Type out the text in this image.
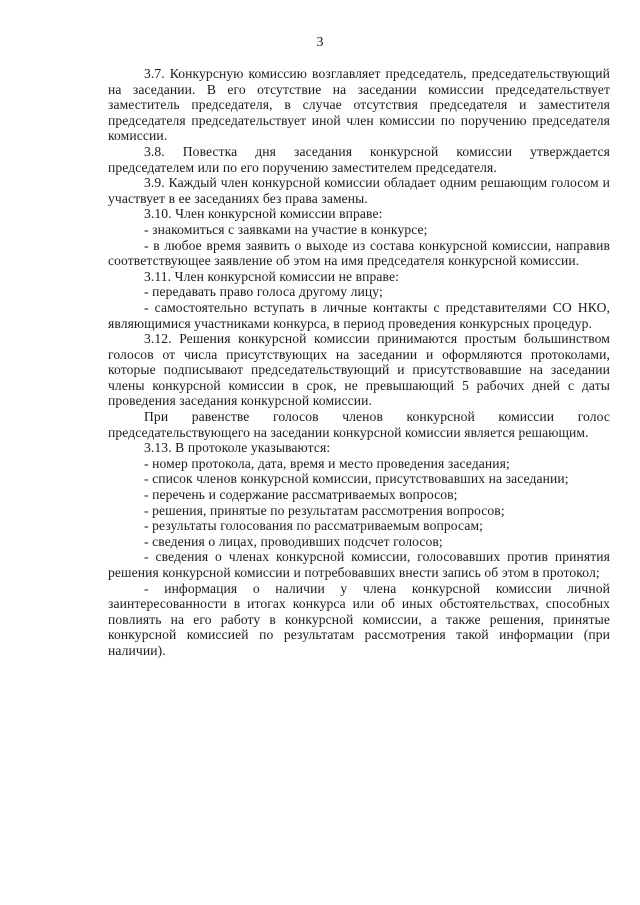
3

3.7. Конкурсную комиссию возглавляет председатель, председательствующий на заседании. В его отсутствие на заседании комиссии председательствует заместитель председателя, в случае отсутствия председателя и заместителя председателя председательствует иной член комиссии по поручению председателя комиссии.

3.8. Повестка дня заседания конкурсной комиссии утверждается председателем или по его поручению заместителем председателя.

3.9. Каждый член конкурсной комиссии обладает одним решающим голосом и участвует в ее заседаниях без права замены.

3.10. Член конкурсной комиссии вправе:

- знакомиться с заявками на участие в конкурсе;

- в любое время заявить о выходе из состава конкурсной комиссии, направив соответствующее заявление об этом на имя председателя конкурсной комиссии.

3.11. Член конкурсной комиссии не вправе:

- передавать право голоса другому лицу;

- самостоятельно вступать в личные контакты с представителями СО НКО, являющимися участниками конкурса, в период проведения конкурсных процедур.

3.12. Решения конкурсной комиссии принимаются простым большинством голосов от числа присутствующих на заседании и оформляются протоколами, которые подписывают председательствующий и присутствовавшие на заседании члены конкурсной комиссии в срок, не превышающий 5 рабочих дней с даты проведения заседания конкурсной комиссии.

При равенстве голосов членов конкурсной комиссии голос председательствующего на заседании конкурсной комиссии является решающим.

3.13. В протоколе указываются:

- номер протокола, дата, время и место проведения заседания;

- список членов конкурсной комиссии, присутствовавших на заседании;

- перечень и содержание рассматриваемых вопросов;

- решения, принятые по результатам рассмотрения вопросов;

- результаты голосования по рассматриваемым вопросам;

- сведения о лицах, проводивших подсчет голосов;

- сведения о членах конкурсной комиссии, голосовавших против принятия решения конкурсной комиссии и потребовавших внести запись об этом в протокол;

- информация о наличии у члена конкурсной комиссии личной заинтересованности в итогах конкурса или об иных обстоятельствах, способных повлиять на его работу в конкурсной комиссии, а также решения, принятые конкурсной комиссией по результатам рассмотрения такой информации (при наличии).
